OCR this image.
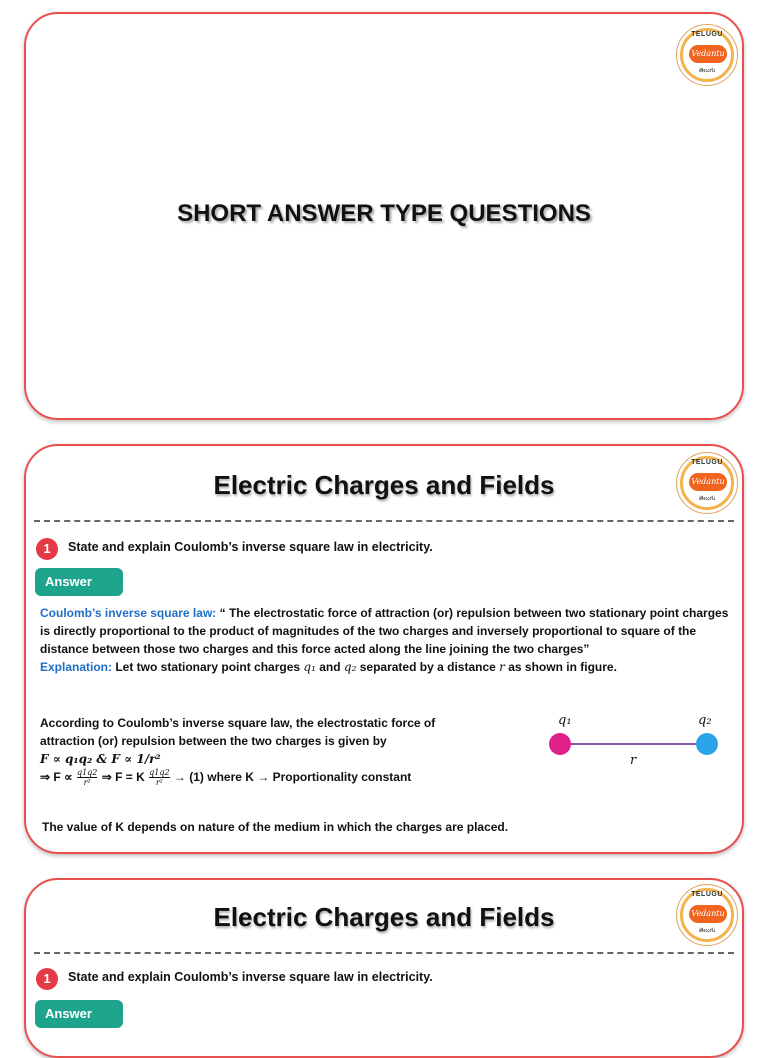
TELUGU
Vedantu
తెలుగు
SHORT ANSWER TYPE QUESTIONS
TELUGU
Vedantu
తెలుగు
Electric Charges and Fields
1	State and explain Coulomb’s inverse square law in electricity.
Answer
Coulomb’s inverse square law: “ The electrostatic force of attraction (or) repulsion between two stationary point charges is directly proportional to the product of magnitudes of the two charges and inversely proportional to square of the distance between those two charges and this force acted along the line joining the two charges”
Explanation: Let two stationary point charges q₁ and q₂ separated by a distance r as shown in figure.
According to Coulomb’s inverse square law, the electrostatic force of
attraction (or) repulsion between the two charges is given by
F ∝ q₁q₂ & F ∝ 1/r²
⇒ $F \propto \frac{q1q2}{\text{r²}}$ ⇒ F = K $\frac{q1q2}{\text{r²}} \to (1)$ where K → Proportionality constant
The value of K depends on nature of the medium in which the charges are placed.
q₁	q₂
r
TELUGU
Vedantu
తెలుగు
Electric Charges and Fields
1	State and explain Coulomb’s inverse square law in electricity.
Answer
